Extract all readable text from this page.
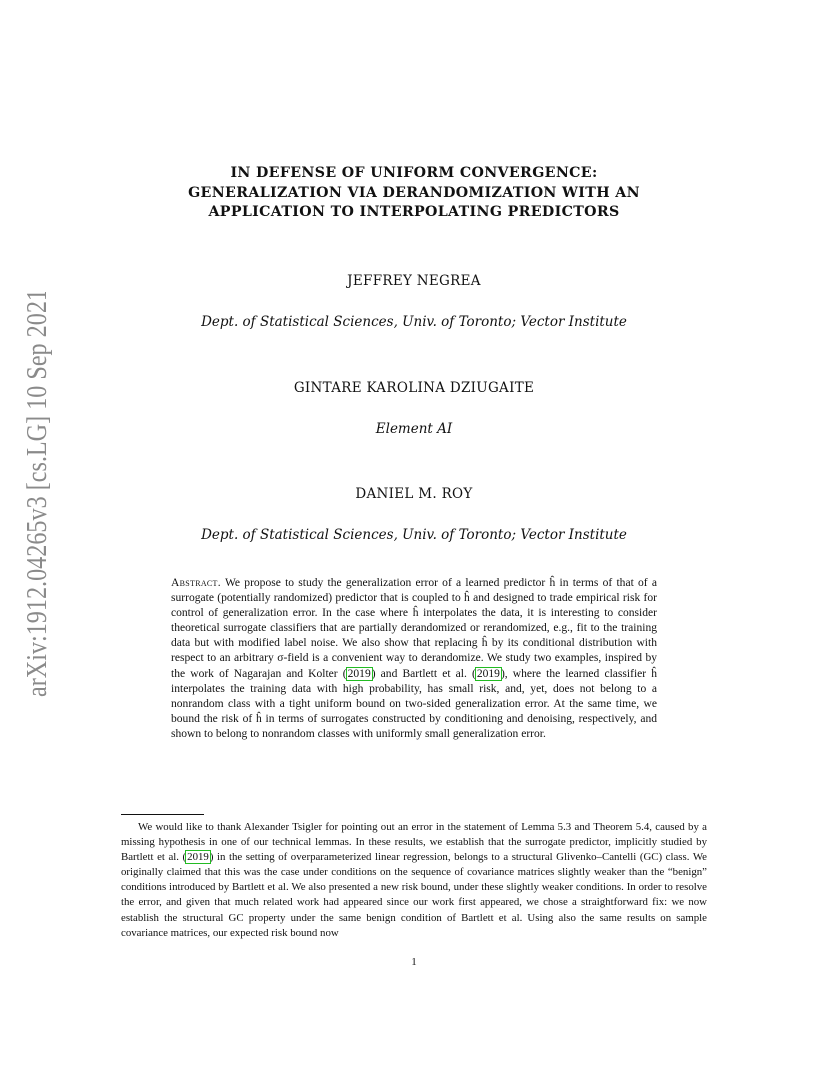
arXiv:1912.04265v3 [cs.LG] 10 Sep 2021
IN DEFENSE OF UNIFORM CONVERGENCE:
GENERALIZATION VIA DERANDOMIZATION WITH AN
APPLICATION TO INTERPOLATING PREDICTORS
JEFFREY NEGREA
Dept. of Statistical Sciences, Univ. of Toronto; Vector Institute
GINTARE KAROLINA DZIUGAITE
Element AI
DANIEL M. ROY
Dept. of Statistical Sciences, Univ. of Toronto; Vector Institute
Abstract. We propose to study the generalization error of a learned predictor ĥ in terms of that of a surrogate (potentially randomized) predictor that is coupled to ĥ and designed to trade empirical risk for control of generalization error. In the case where ĥ interpolates the data, it is interesting to consider theoretical surrogate classifiers that are partially derandomized or rerandomized, e.g., fit to the training data but with modified label noise. We also show that replacing ĥ by its conditional distribution with respect to an arbitrary σ-field is a convenient way to derandomize. We study two examples, inspired by the work of Nagarajan and Kolter (2019) and Bartlett et al. (2019), where the learned classifier ĥ interpolates the training data with high probability, has small risk, and, yet, does not belong to a nonrandom class with a tight uniform bound on two-sided generalization error. At the same time, we bound the risk of ĥ in terms of surrogates constructed by conditioning and denoising, respectively, and shown to belong to nonrandom classes with uniformly small generalization error.
We would like to thank Alexander Tsigler for pointing out an error in the statement of Lemma 5.3 and Theorem 5.4, caused by a missing hypothesis in one of our technical lemmas. In these results, we establish that the surrogate predictor, implicitly studied by Bartlett et al. (2019) in the setting of overparameterized linear regression, belongs to a structural Glivenko–Cantelli (GC) class. We originally claimed that this was the case under conditions on the sequence of covariance matrices slightly weaker than the “benign” conditions introduced by Bartlett et al. We also presented a new risk bound, under these slightly weaker conditions. In order to resolve the error, and given that much related work had appeared since our work first appeared, we chose a straightforward fix: we now establish the structural GC property under the same benign condition of Bartlett et al. Using also the same results on sample covariance matrices, our expected risk bound now
1
